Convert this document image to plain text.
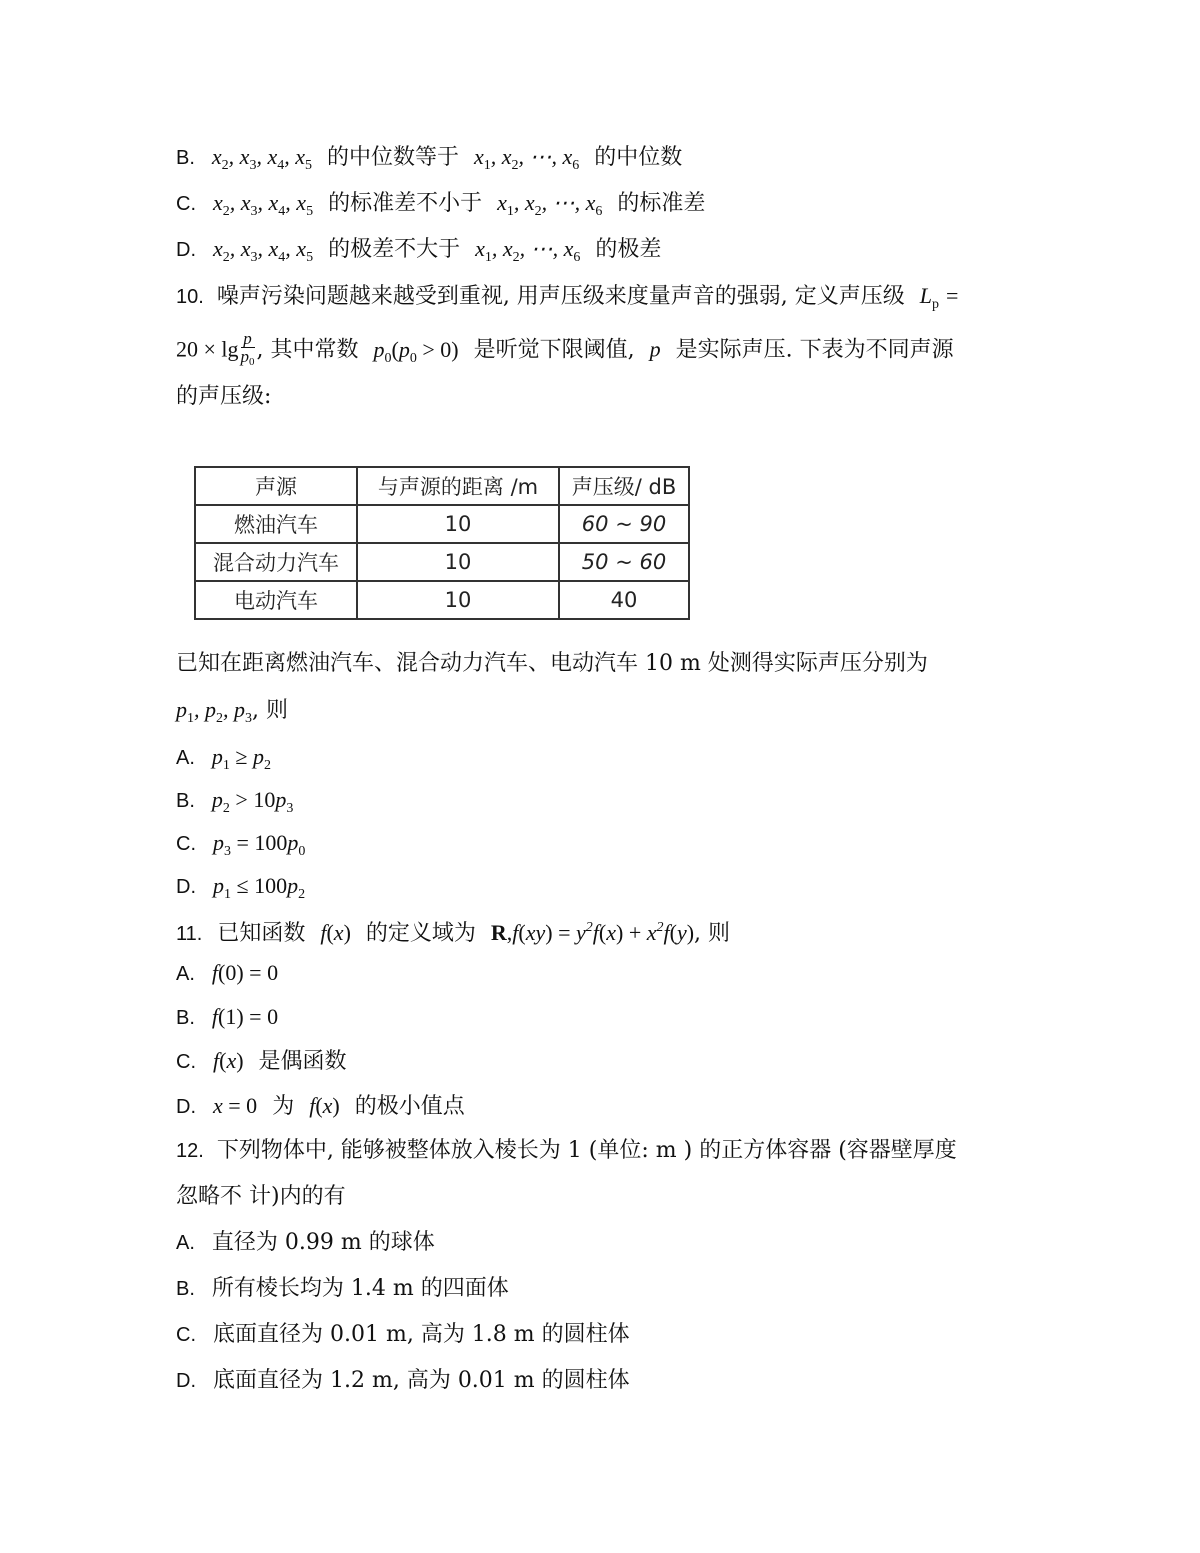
B. $x_2$, $x_3$, $x_4$, $x_5$ 的中位数等于 $x_1$, $x_2$, ⋯, $x_6$ 的中位数
C. $x_2$, $x_3$, $x_4$, $x_5$ 的标准差不小于 $x_1$, $x_2$, ⋯, $x_6$ 的标准差
D. $x_2$, $x_3$, $x_4$, $x_5$ 的极差不大于 $x_1$, $x_2$, ⋯, $x_6$ 的极差
10. 噪声污染问题越来越受到重视, 用声压级来度量声音的强弱, 定义声压级 $L_p$ =
$20 \times \lg \frac{p}{p_0}$ , 其中常数 $p_0(p_0 > 0)$ 是听觉下限阈值, p 是实际声压. 下表为不同声源
的声压级:
声源	与声源的距离 /m	声压级/ dB
燃油汽车	10	60 ~ 90
混合动力汽车	10	50 ~ 60
电动汽车	10	40
已知在距离燃油汽车、混合动力汽车、电动汽车 10 m 处测得实际声压分别为
$p_1$, $p_2$, $p_3$, 则
A. $p_1 \ge p_2$
B. $p_2 > 10p_3$
C. $p_3 = 100p_0$
D. $p_1 \le 100p_2$
11. 已知函数 f(x) 的定义域为 $R,f(xy) = y^2f(x) + x^2f(y)$, 则
A. f(0) = 0
B. f(1) = 0
C. f(x) 是偶函数
D. x = 0 为 f(x) 的极小值点
12. 下列物体中, 能够被整体放入棱长为 1 (单位: m ) 的正方体容器 (容器壁厚度
忽略不 计)内的有
A. 直径为 0.99 m 的球体
B. 所有棱长均为 1.4 m 的四面体
C. 底面直径为 0.01 m, 高为 1.8 m 的圆柱体
D. 底面直径为 1.2 m, 高为 0.01 m 的圆柱体
